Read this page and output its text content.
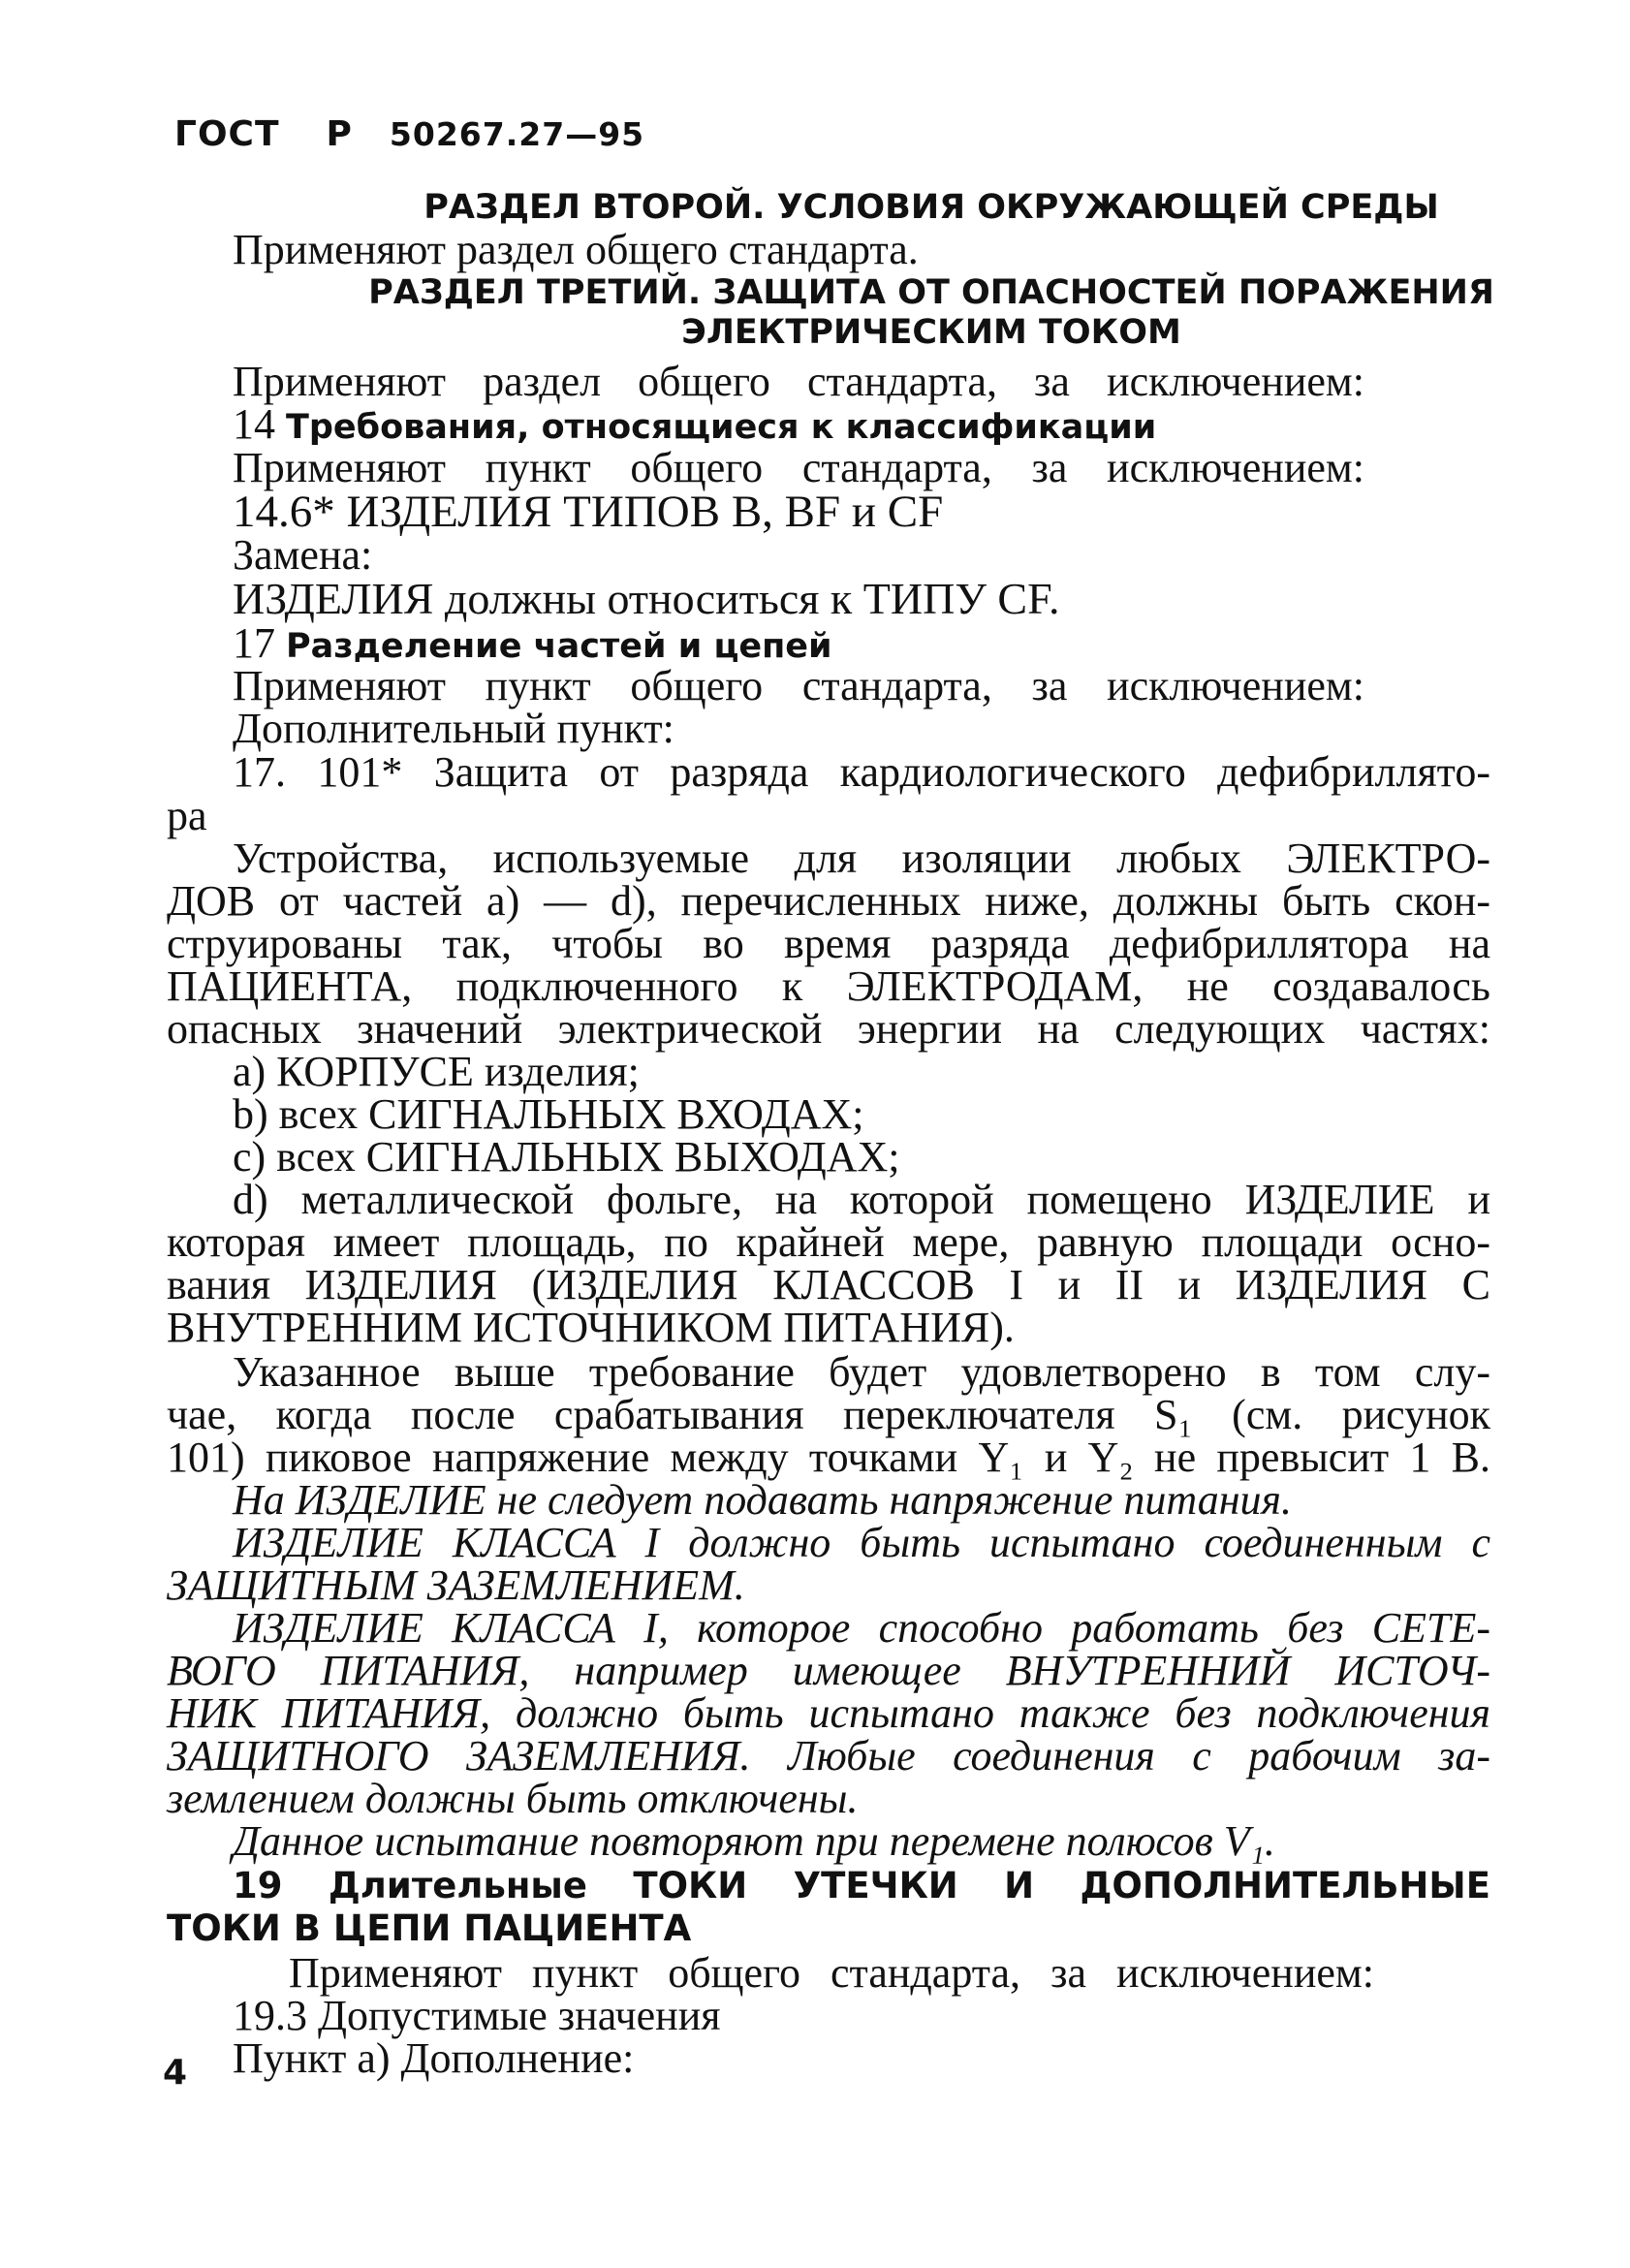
ГОСТ Р 50267.27—95
РАЗДЕЛ ВТОРОЙ. УСЛОВИЯ ОКРУЖАЮЩЕЙ СРЕДЫ
Применяют раздел общего стандарта.
РАЗДЕЛ ТРЕТИЙ. ЗАЩИТА ОТ ОПАСНОСТЕЙ ПОРАЖЕНИЯ
ЭЛЕКТРИЧЕСКИМ ТОКОМ
Применяют раздел общего стандарта, за исключением:
14 Требования, относящиеся к классификации
Применяют пункт общего стандарта, за исключением:
14.6* ИЗДЕЛИЯ ТИПОВ В, BF и CF
Замена:
ИЗДЕЛИЯ должны относиться к ТИПУ CF.
17 Разделение частей и цепей
Применяют пункт общего стандарта, за исключением:
Дополнительный пункт:
17. 101* Защита от разряда кардиологического дефибриллято-
ра
Устройства, используемые для изоляции любых ЭЛЕКТРО-
ДОВ от частей а) — d), перечисленных ниже, должны быть скон-
струированы так, чтобы во время разряда дефибриллятора на
ПАЦИЕНТА, подключенного к ЭЛЕКТРОДАМ, не создавалось
опасных значений электрической энергии на следующих частях:
а) КОРПУСЕ изделия;
b) всех СИГНАЛЬНЫХ ВХОДАХ;
с) всех СИГНАЛЬНЫХ ВЫХОДАХ;
d) металлической фольге, на которой помещено ИЗДЕЛИЕ и
которая имеет площадь, по крайней мере, равную площади осно-
вания ИЗДЕЛИЯ (ИЗДЕЛИЯ КЛАССОВ I и II и ИЗДЕЛИЯ С
ВНУТРЕННИМ ИСТОЧНИКОМ ПИТАНИЯ).
Указанное выше требование будет удовлетворено в том слу-
чае, когда после срабатывания переключателя S₁ (см. рисунок
101) пиковое напряжение между точками Y₁ и Y₂ не превысит 1 В.
На ИЗДЕЛИЕ не следует подавать напряжение питания.
ИЗДЕЛИЕ КЛАССА I должно быть испытано соединенным с
ЗАЩИТНЫМ ЗАЗЕМЛЕНИЕМ.
ИЗДЕЛИЕ КЛАССА I, которое способно работать без СЕТЕ-
ВОГО ПИТАНИЯ, например имеющее ВНУТРЕННИЙ ИСТОЧ-
НИК ПИТАНИЯ, должно быть испытано также без подключения
ЗАЩИТНОГО ЗАЗЕМЛЕНИЯ. Любые соединения с рабочим за-
землением должны быть отключены.
Данное испытание повторяют при перемене полюсов V₁.
19 Длительные ТОКИ УТЕЧКИ И ДОПОЛНИТЕЛЬНЫЕ
ТОКИ В ЦЕПИ ПАЦИЕНТА
Применяют пункт общего стандарта, за исключением:
19.3 Допустимые значения
Пункт а) Дополнение:
4
